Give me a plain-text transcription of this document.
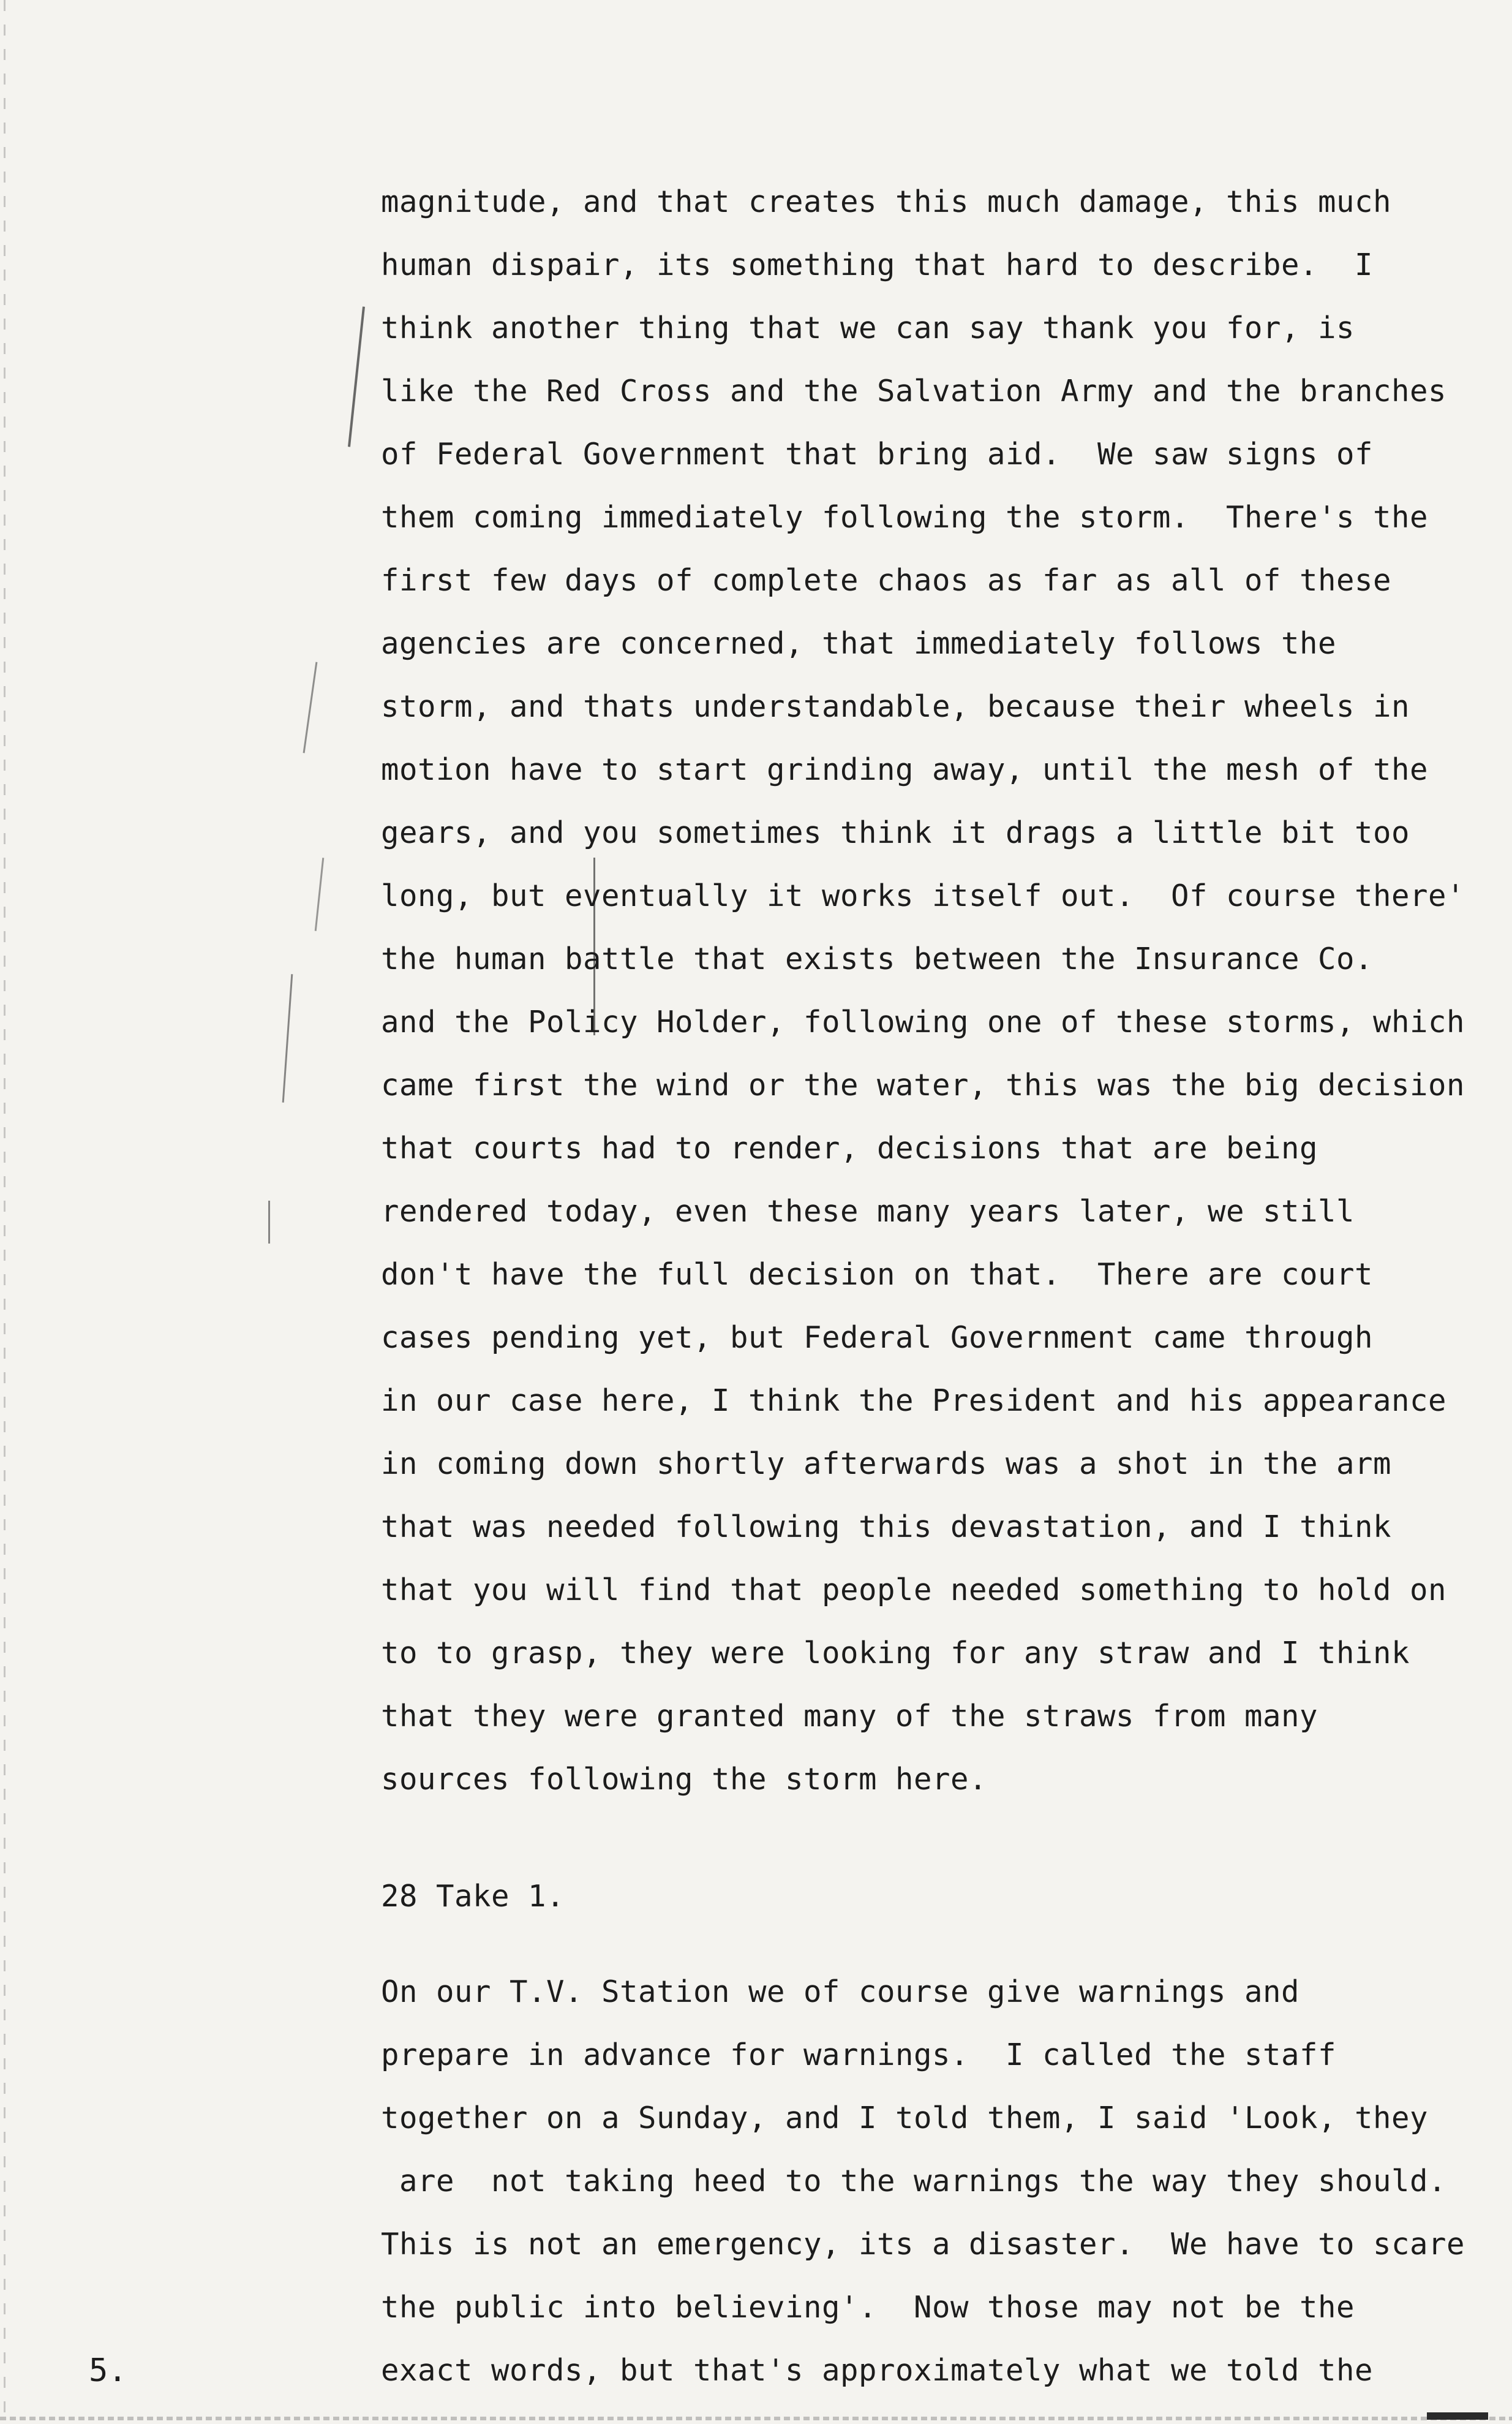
magnitude, and that creates this much damage, this much
human dispair, its something that hard to describe.  I
think another thing that we can say thank you for, is
like the Red Cross and the Salvation Army and the branches
of Federal Government that bring aid.  We saw signs of
them coming immediately following the storm.  There's the
first few days of complete chaos as far as all of these
agencies are concerned, that immediately follows the
storm, and thats understandable, because their wheels in
motion have to start grinding away, until the mesh of the
gears, and you sometimes think it drags a little bit too
long, but eventually it works itself out.  Of course there'
the human battle that exists between the Insurance Co.
and the Policy Holder, following one of these storms, which
came first the wind or the water, this was the big decision
that courts had to render, decisions that are being
rendered today, even these many years later, we still
don't have the full decision on that.  There are court
cases pending yet, but Federal Government came through
in our case here, I think the President and his appearance
in coming down shortly afterwards was a shot in the arm
that was needed following this devastation, and I think
that you will find that people needed something to hold on
to to grasp, they were looking for any straw and I think
that they were granted many of the straws from many
sources following the storm here.
28 Take 1.
On our T.V. Station we of course give warnings and
prepare in advance for warnings.  I called the staff
together on a Sunday, and I told them, I said 'Look, they
are  not taking heed to the warnings the way they should.
This is not an emergency, its a disaster.  We have to scare
the public into believing'.  Now those may not be the
exact words, but that's approximately what we told the
5.
